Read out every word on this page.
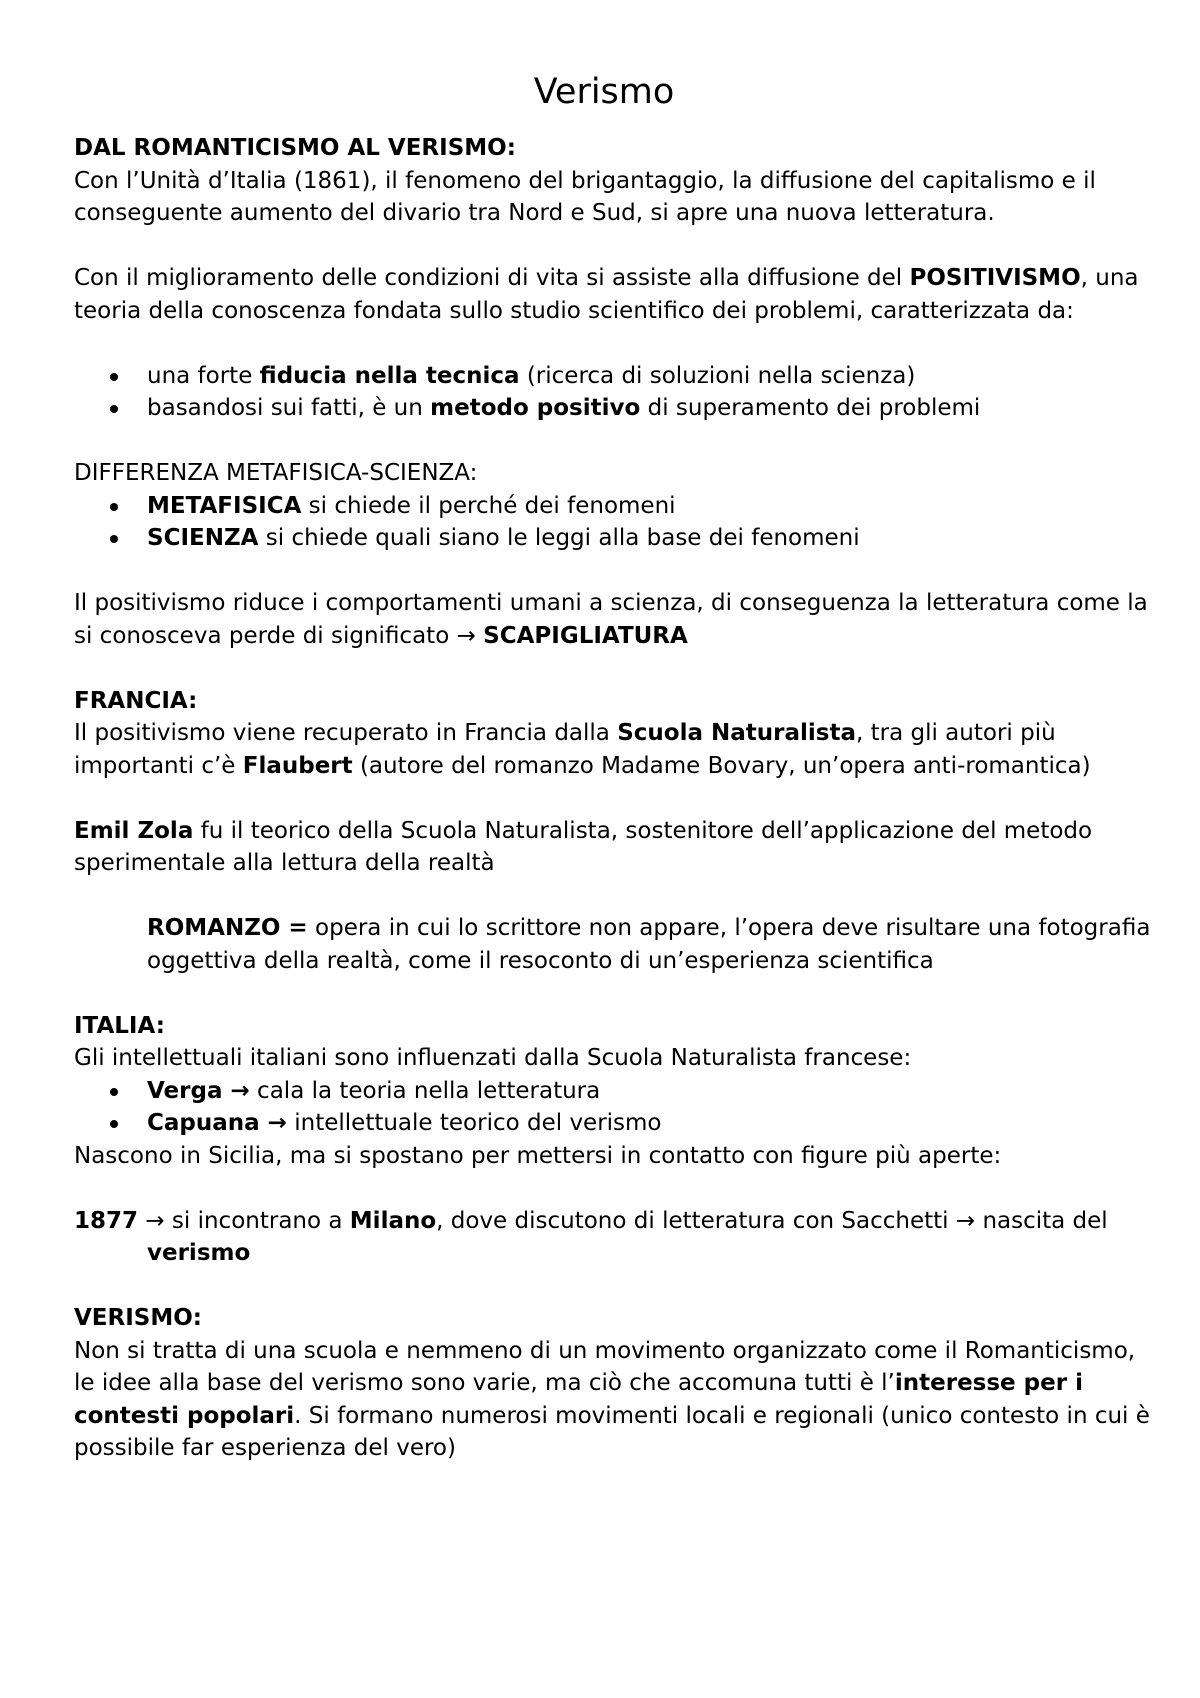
Verismo

DAL ROMANTICISMO AL VERISMO:

Con l’Unità d’Italia (1861), il fenomeno del brigantaggio, la diffusione del capitalismo e il conseguente aumento del divario tra Nord e Sud, si apre una nuova letteratura.

Con il miglioramento delle condizioni di vita si assiste alla diffusione del POSITIVISMO, una teoria della conoscenza fondata sullo studio scientifico dei problemi, caratterizzata da:

una forte fiducia nella tecnica (ricerca di soluzioni nella scienza)
basandosi sui fatti, è un metodo positivo di superamento dei problemi

DIFFERENZA METAFISICA-SCIENZA:

METAFISICA si chiede il perché dei fenomeni
SCIENZA si chiede quali siano le leggi alla base dei fenomeni

Il positivismo riduce i comportamenti umani a scienza, di conseguenza la letteratura come la si conosceva perde di significato → SCAPIGLIATURA

FRANCIA:

Il positivismo viene recuperato in Francia dalla Scuola Naturalista, tra gli autori più importanti c’è Flaubert (autore del romanzo Madame Bovary, un’opera anti-romantica)

Emil Zola fu il teorico della Scuola Naturalista, sostenitore dell’applicazione del metodo sperimentale alla lettura della realtà

ROMANZO = opera in cui lo scrittore non appare, l’opera deve risultare una fotografia oggettiva della realtà, come il resoconto di un’esperienza scientifica

ITALIA:

Gli intellettuali italiani sono influenzati dalla Scuola Naturalista francese:

Verga → cala la teoria nella letteratura
Capuana → intellettuale teorico del verismo

Nascono in Sicilia, ma si spostano per mettersi in contatto con figure più aperte:

1877 → si incontrano a Milano, dove discutono di letteratura con Sacchetti → nascita del

verismo

VERISMO:

Non si tratta di una scuola e nemmeno di un movimento organizzato come il Romanticismo, le idee alla base del verismo sono varie, ma ciò che accomuna tutti è l’interesse per i contesti popolari. Si formano numerosi movimenti locali e regionali (unico contesto in cui è possibile far esperienza del vero)
